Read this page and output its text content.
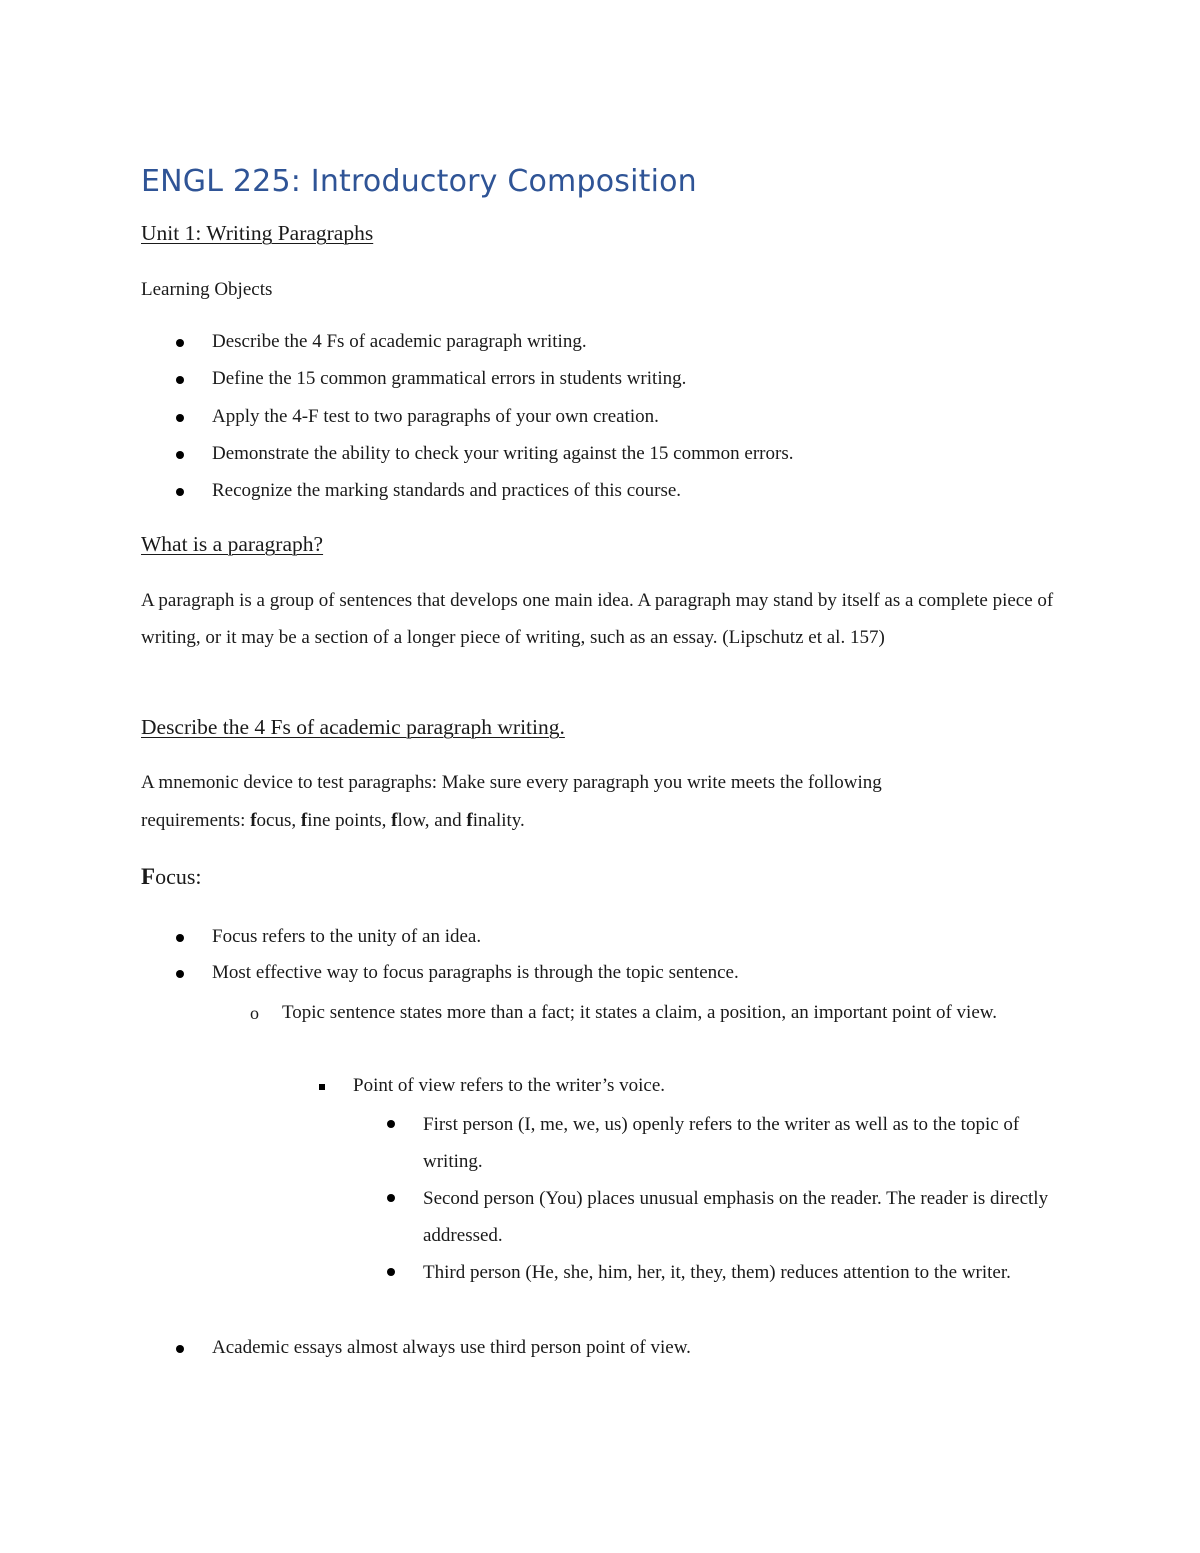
ENGL 225: Introductory Composition
Unit 1: Writing Paragraphs
Learning Objects
Describe the 4 Fs of academic paragraph writing.
Define the 15 common grammatical errors in students writing.
Apply the 4-F test to two paragraphs of your own creation.
Demonstrate the ability to check your writing against the 15 common errors.
Recognize the marking standards and practices of this course.
What is a paragraph?

A paragraph is a group of sentences that develops one main idea. A paragraph may stand by itself as a complete piece of writing, or it may be a section of a longer piece of writing, such as an essay. (Lipschutz et al. 157)

Describe the 4 Fs of academic paragraph writing.
A mnemonic device to test paragraphs: Make sure every paragraph you write meets the following
requirements: focus, fine points, flow, and finality.
Focus:
Focus refers to the unity of an idea.
Most effective way to focus paragraphs is through the topic sentence.
o Topic sentence states more than a fact; it states a claim, a position, an important point of view.
Point of view refers to the writer’s voice.
First person (I, me, we, us) openly refers to the writer as well as to the topic of writing.
Second person (You) places unusual emphasis on the reader. The reader is directly addressed.
Third person (He, she, him, her, it, they, them) reduces attention to the writer.
Academic essays almost always use third person point of view.
